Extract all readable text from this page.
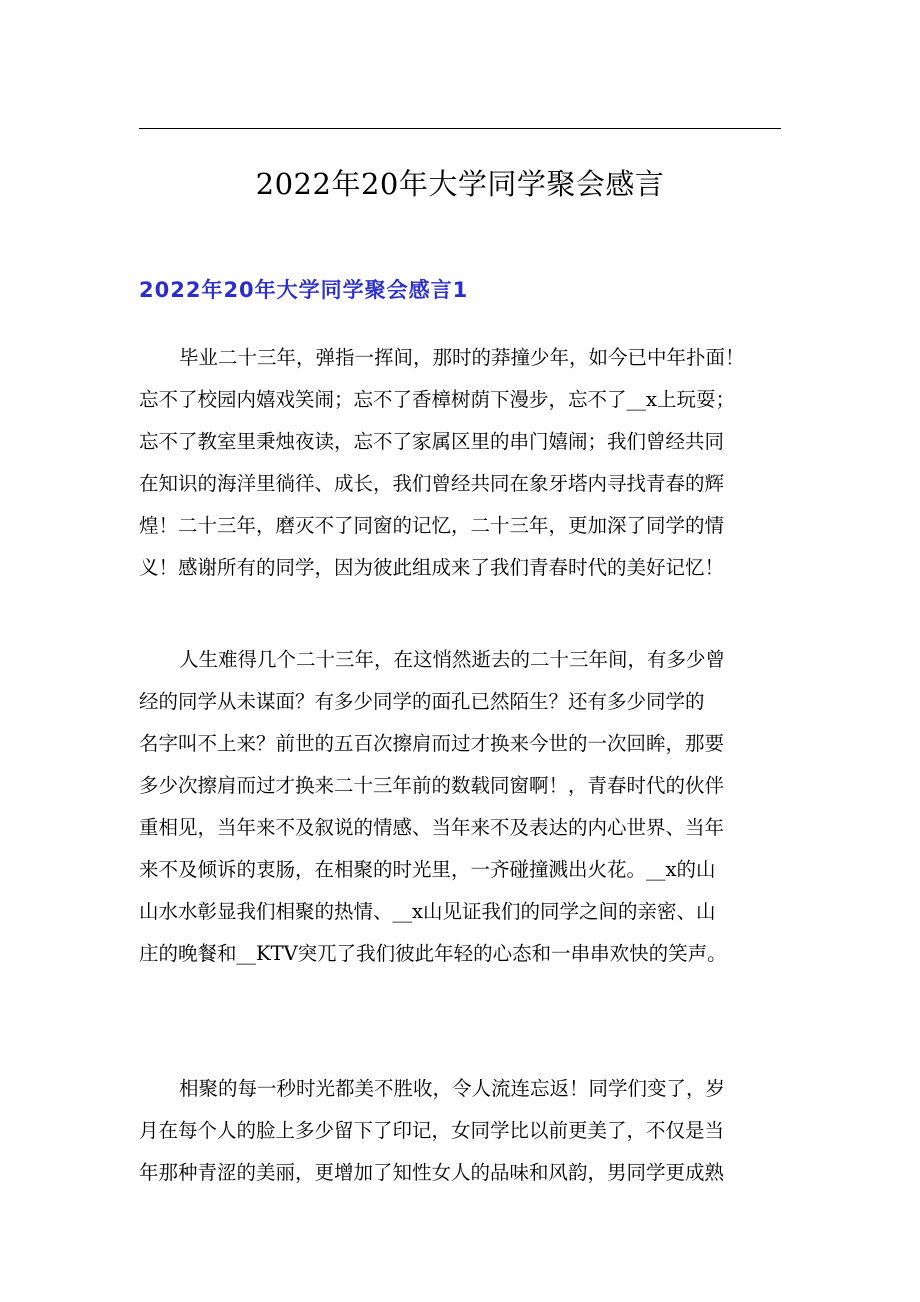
2022年20年大学同学聚会感言
2022年20年大学同学聚会感言1
毕业二十三年，弹指一挥间，那时的莽撞少年，如今已中年扑面！
忘不了校园内嬉戏笑闹；忘不了香樟树荫下漫步，忘不了__x上玩耍；
忘不了教室里秉烛夜读，忘不了家属区里的串门嬉闹；我们曾经共同
在知识的海洋里徜徉、成长，我们曾经共同在象牙塔内寻找青春的辉
煌！二十三年，磨灭不了同窗的记忆，二十三年，更加深了同学的情
义！感谢所有的同学，因为彼此组成来了我们青春时代的美好记忆！
人生难得几个二十三年，在这悄然逝去的二十三年间，有多少曾
经的同学从未谋面？有多少同学的面孔已然陌生？还有多少同学的
名字叫不上来？前世的五百次擦肩而过才换来今世的一次回眸，那要
多少次擦肩而过才换来二十三年前的数载同窗啊！，青春时代的伙伴
重相见，当年来不及叙说的情感、当年来不及表达的内心世界、当年
来不及倾诉的衷肠，在相聚的时光里，一齐碰撞溅出火花。__x的山
山水水彰显我们相聚的热情、__x山见证我们的同学之间的亲密、山
庄的晚餐和__KTV突兀了我们彼此年轻的心态和一串串欢快的笑声。
相聚的每一秒时光都美不胜收，令人流连忘返！同学们变了，岁
月在每个人的脸上多少留下了印记，女同学比以前更美了，不仅是当
年那种青涩的美丽，更增加了知性女人的品味和风韵，男同学更成熟
